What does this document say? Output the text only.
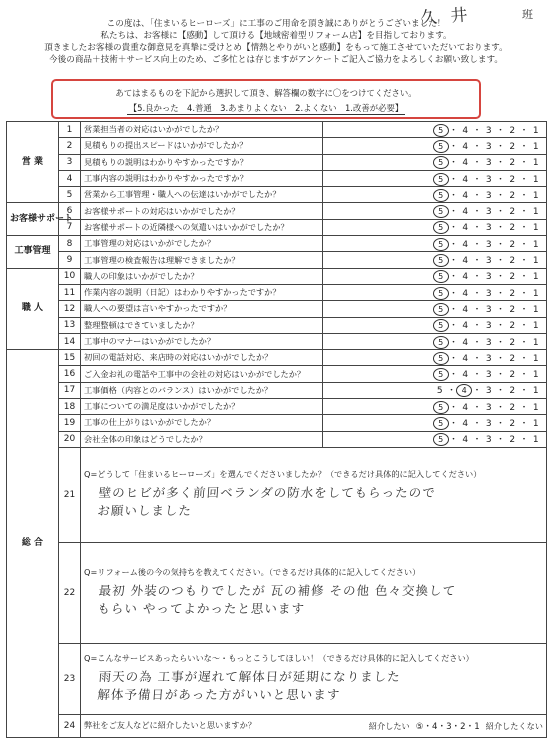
久 井	班
この度は、「住まいるヒーローズ」に工事のご用命を頂き誠にありがとうございました！
私たちは、お客様に【感動】して頂ける【地域密着型リフォーム店】を目指しております。
頂きましたお客様の貴重な御意見を真摯に受けとめ【情熱とやりがいと感動】をもって施工させていただいております。
今後の商品＋技術＋サービス向上のため、ご多忙とは存じますがアンケートご記入ご協力をよろしくお願い致します。
あてはまるものを下記から選択して頂き、解答欄の数字に〇をつけてください。
【5.良かった　4.普通　3.あまりよくない　2.よくない　1.改善が必要】
営 業	1	営業担当者の対応はいかがでしたか？	5 ・ 4 ・ 3 ・ 2 ・ 1
	2	見積もりの提出スピードはいかがでしたか？	5 ・ 4 ・ 3 ・ 2 ・ 1
	3	見積もりの説明はわかりやすかったですか？	5 ・ 4 ・ 3 ・ 2 ・ 1
	4	工事内容の説明はわかりやすかったですか？	5 ・ 4 ・ 3 ・ 2 ・ 1
	5	営業から工事管理・職人への伝達はいかがでしたか？	5 ・ 4 ・ 3 ・ 2 ・ 1
お客様サポート	6	お客様サポートの対応はいかがでしたか？	5 ・ 4 ・ 3 ・ 2 ・ 1
	7	お客様サポートの近隣様への気遣いはいかがでしたか？	5 ・ 4 ・ 3 ・ 2 ・ 1
工事管理	8	工事管理の対応はいかがでしたか？	5 ・ 4 ・ 3 ・ 2 ・ 1
	9	工事管理の検査報告は理解できましたか？	5 ・ 4 ・ 3 ・ 2 ・ 1
職 人	10	職人の印象はいかがでしたか？	5 ・ 4 ・ 3 ・ 2 ・ 1
	11	作業内容の説明（日記）はわかりやすかったですか？	5 ・ 4 ・ 3 ・ 2 ・ 1
	12	職人への要望は言いやすかったですか？	5 ・ 4 ・ 3 ・ 2 ・ 1
	13	整理整頓はできていましたか？	5 ・ 4 ・ 3 ・ 2 ・ 1
	14	工事中のマナーはいかがでしたか？	5 ・ 4 ・ 3 ・ 2 ・ 1
総 合	15	初回の電話対応、来店時の対応はいかがでしたか？	5 ・ 4 ・ 3 ・ 2 ・ 1
	16	ご入金お礼の電話や工事中の会社の対応はいかがでしたか？	5 ・ 4 ・ 3 ・ 2 ・ 1
	17	工事価格（内容とのバランス）はいかがでしたか？	5 ・ 4 ・ 3 ・ 2 ・ 1
	18	工事についての満足度はいかがでしたか？	5 ・ 4 ・ 3 ・ 2 ・ 1
	19	工事の仕上がりはいかがでしたか？	5 ・ 4 ・ 3 ・ 2 ・ 1
	20	会社全体の印象はどうでしたか？	5 ・ 4 ・ 3 ・ 2 ・ 1
	21	Q=どうして「住まいるヒーローズ」を選んでくださいましたか？（できるだけ具体的に記入してください）
壁のヒビが多く前回ベランダの防水をしてもらったので
お願いしました	

	22	Q=リフォーム後の今の気持ちを教えてください。（できるだけ具体的に記入してください）
最初 外装のつもりでしたが 瓦の補修 その他 色々交換して
もらい やってよかったと思います	

	23	Q=こんなサービスあったらいいな〜・もっとこうしてほしい！（できるだけ具体的に記入してください）
雨天の為 工事が遅れて解体日が延期になりました
解体予備日があった方がいいと思います	

	24	弊社をご友人などに紹介したいと思いますか？ 紹介したい ⑤・4・3・2・1 紹介したくない	
